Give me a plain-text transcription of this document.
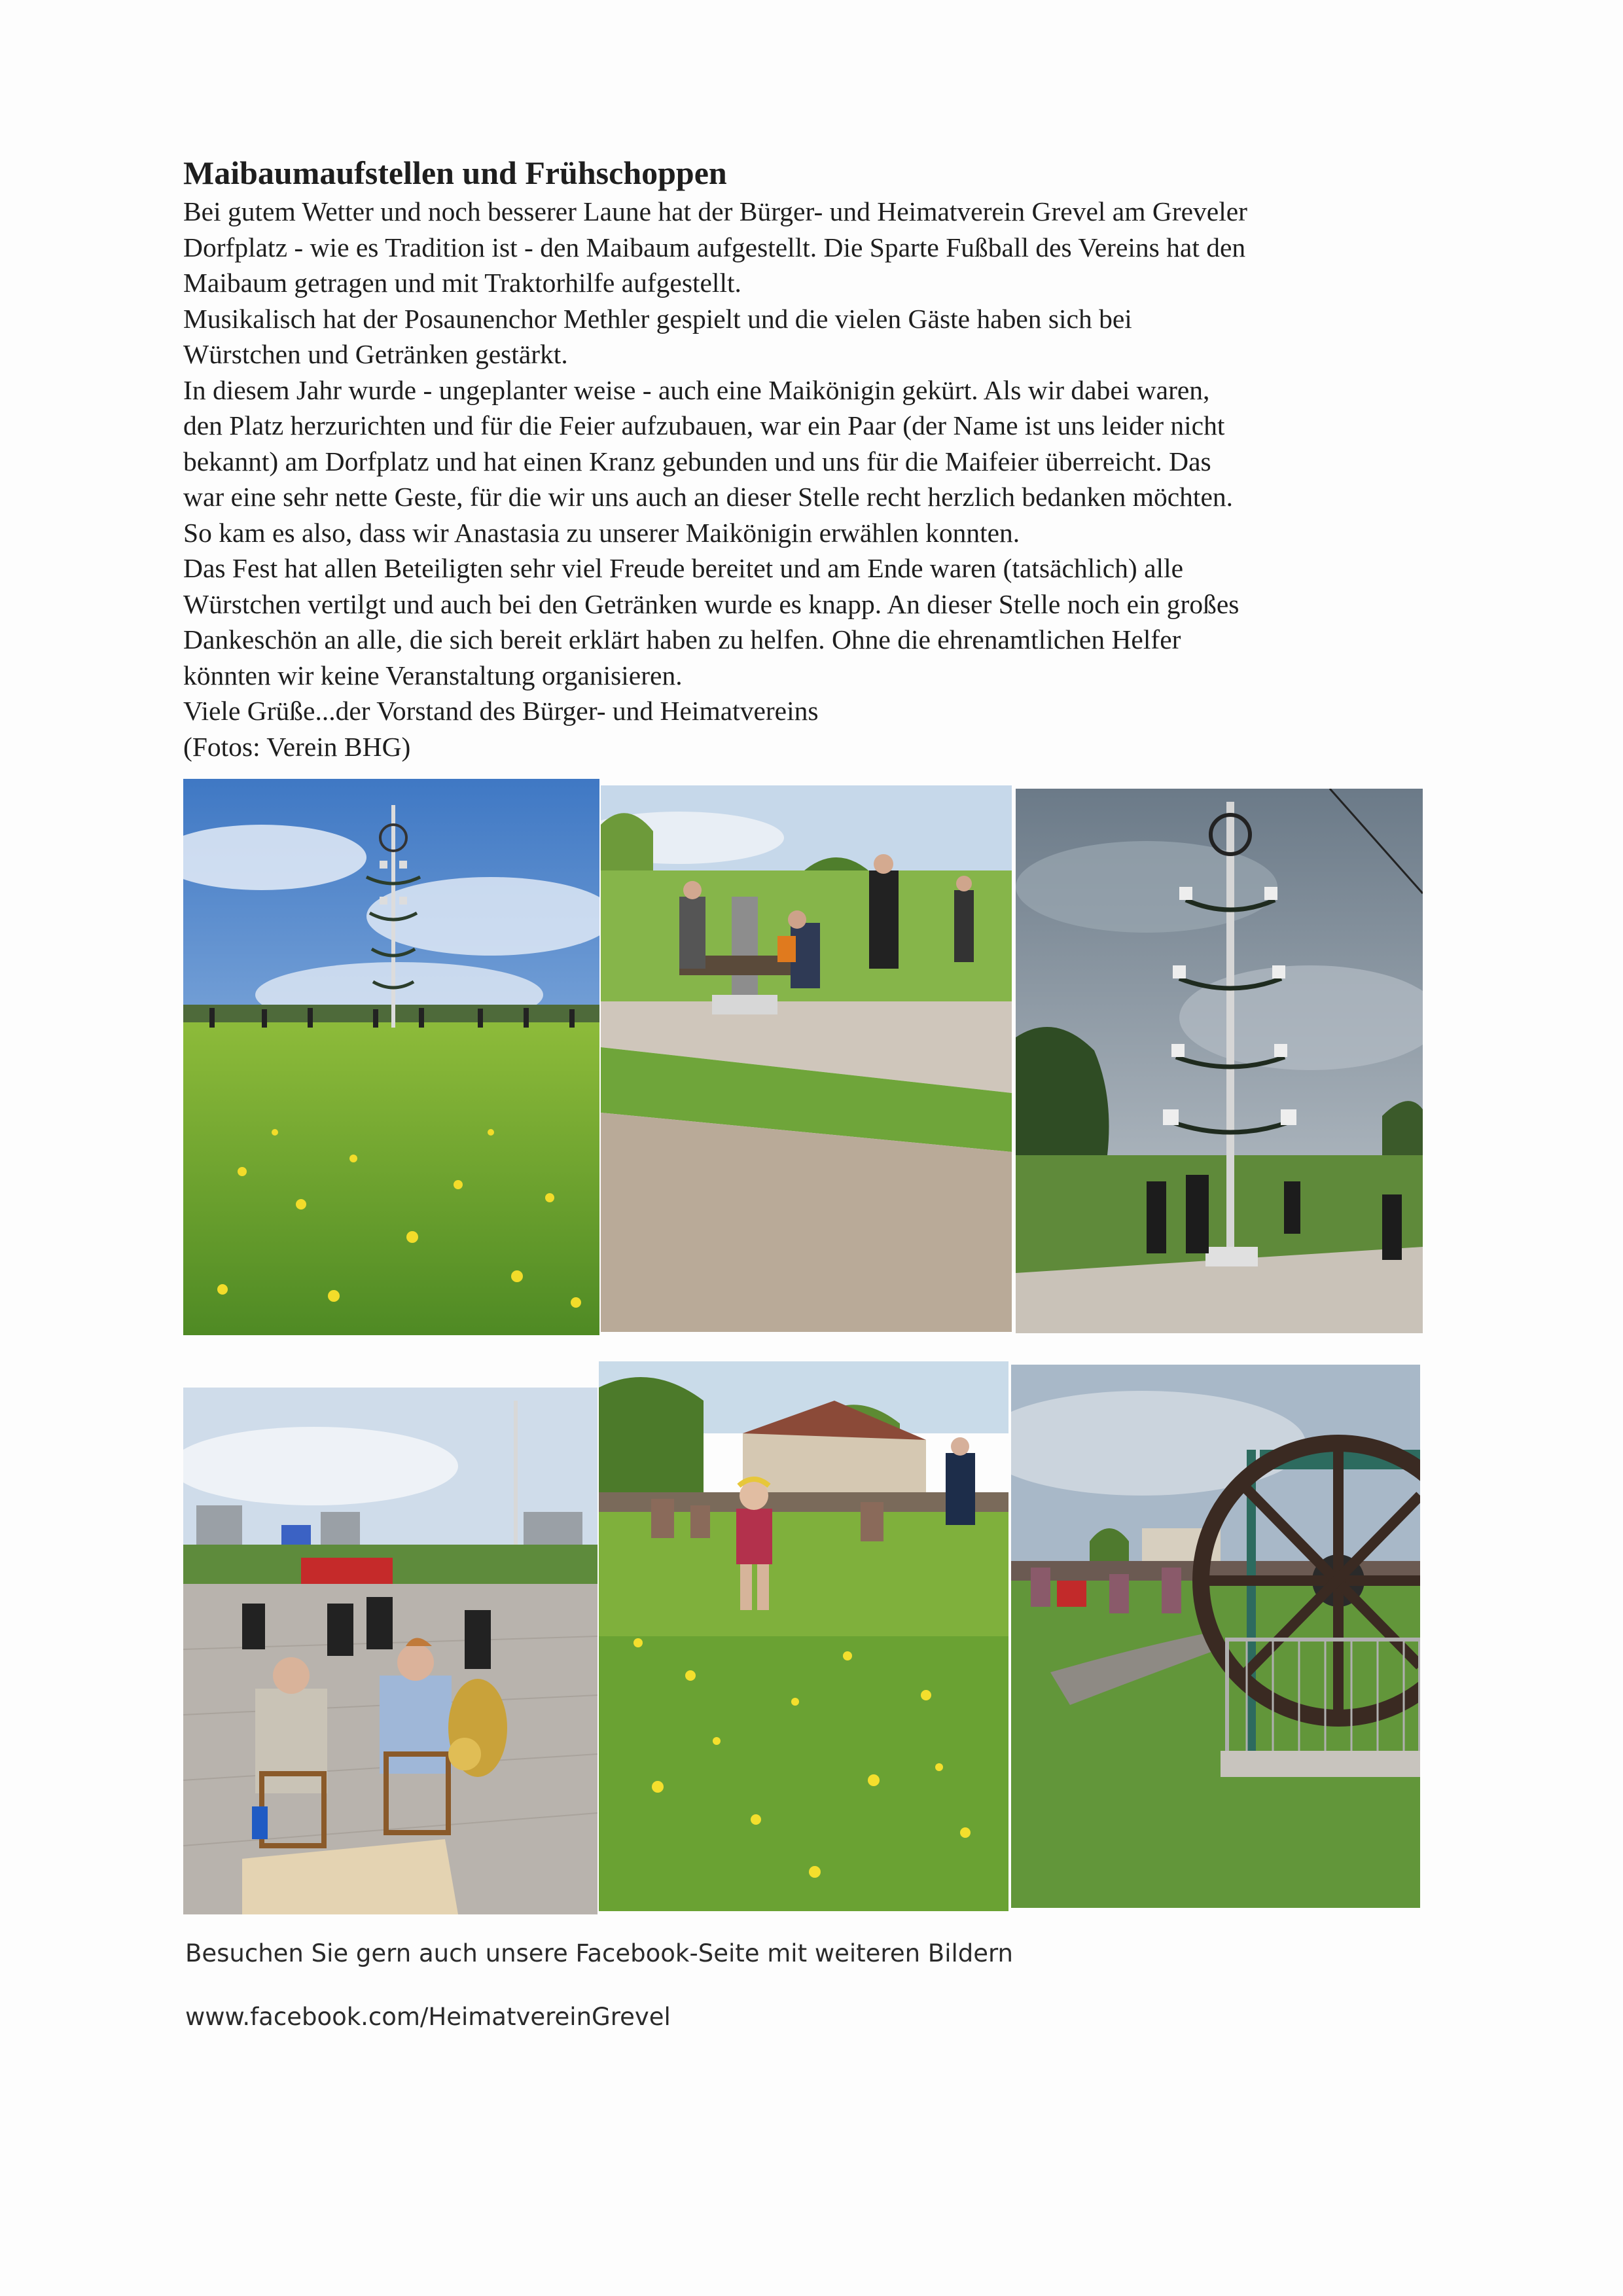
Maibaumaufstellen und Frühschoppen

Bei gutem Wetter und noch besserer Laune hat der Bürger- und Heimatverein Grevel am Greveler
Dorfplatz - wie es Tradition ist - den Maibaum aufgestellt. Die Sparte Fußball des Vereins hat den
Maibaum getragen und mit Traktorhilfe aufgestellt.
Musikalisch hat der Posaunenchor Methler gespielt und die vielen Gäste haben sich bei
Würstchen und Getränken gestärkt.
In diesem Jahr wurde - ungeplanter weise - auch eine Maikönigin gekürt. Als wir dabei waren,
den Platz herzurichten und für die Feier aufzubauen, war ein Paar (der Name ist uns leider nicht
bekannt) am Dorfplatz und hat einen Kranz gebunden und uns für die Maifeier überreicht. Das
war eine sehr nette Geste, für die wir uns auch an dieser Stelle recht herzlich bedanken möchten.
So kam es also, dass wir Anastasia zu unserer Maikönigin erwählen konnten.
Das Fest hat allen Beteiligten sehr viel Freude bereitet und am Ende waren (tatsächlich) alle
Würstchen vertilgt und auch bei den Getränken wurde es knapp. An dieser Stelle noch ein großes
Dankeschön an alle, die sich bereit erklärt haben zu helfen. Ohne die ehrenamtlichen Helfer
könnten wir keine Veranstaltung organisieren.
Viele Grüße...der Vorstand des Bürger- und Heimatvereins
(Fotos: Verein BHG)

Besuchen Sie gern auch unsere Facebook-Seite mit weiteren Bildern
www.facebook.com/HeimatvereinGrevel
